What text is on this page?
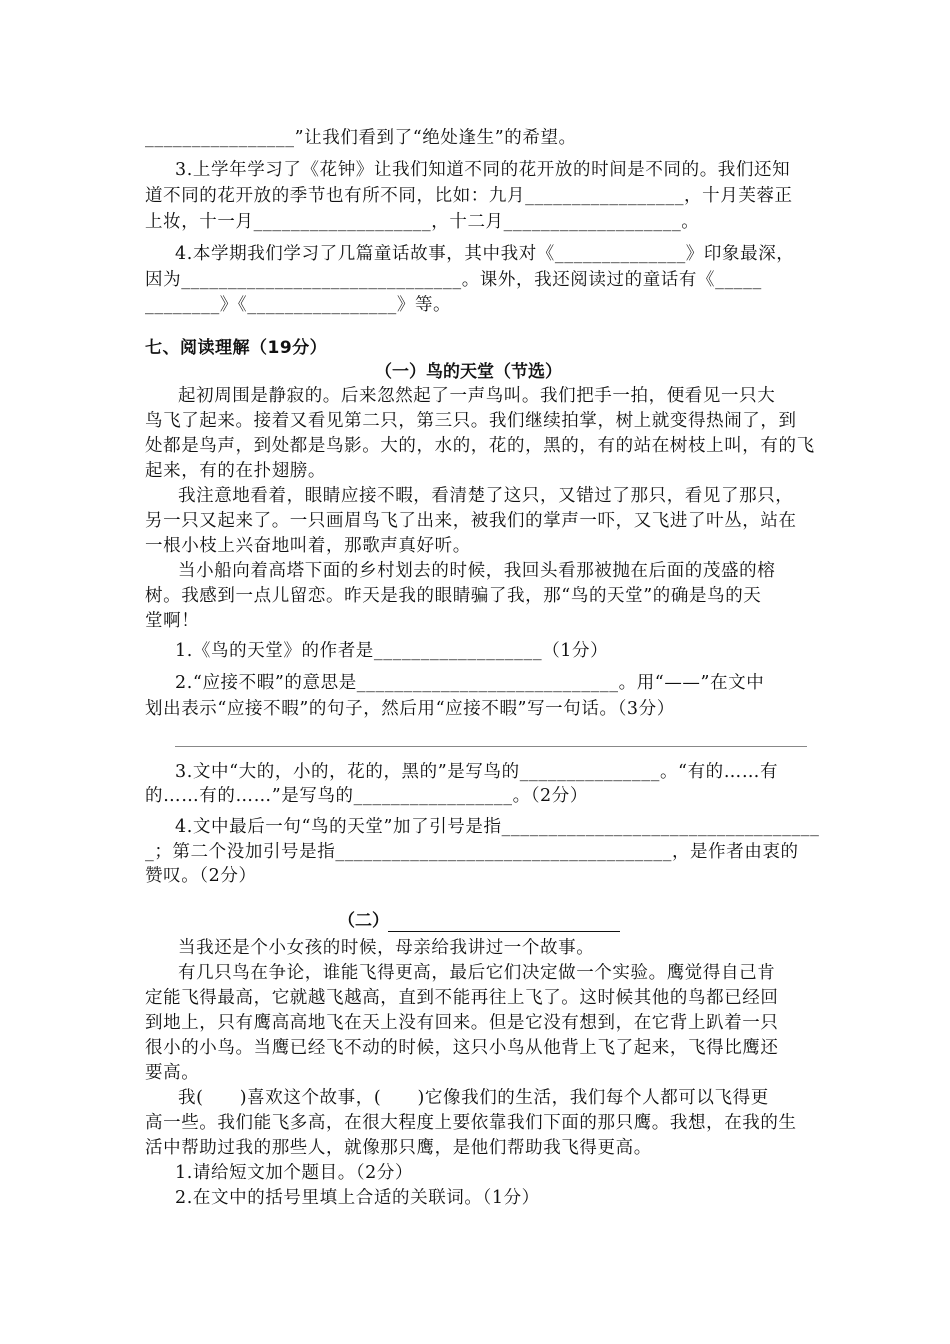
________________”让我们看到了“绝处逢生”的希望。
3.上学年学习了《花钟》让我们知道不同的花开放的时间是不同的。我们还知
道不同的花开放的季节也有所不同，比如：九月_________________，十月芙蓉正
上妆，十一月___________________，十二月___________________。
4.本学期我们学习了几篇童话故事，其中我对《______________》印象最深，
因为______________________________。课外，我还阅读过的童话有《_____
________》《________________》等。
七、阅读理解（19分）
（一）鸟的天堂（节选）
起初周围是静寂的。后来忽然起了一声鸟叫。我们把手一拍，便看见一只大
鸟飞了起来。接着又看见第二只，第三只。我们继续拍掌，树上就变得热闹了，到
处都是鸟声，到处都是鸟影。大的，水的，花的，黑的，有的站在树枝上叫，有的飞
起来，有的在扑翅膀。
我注意地看着，眼睛应接不暇，看清楚了这只，又错过了那只，看见了那只，
另一只又起来了。一只画眉鸟飞了出来，被我们的掌声一吓，又飞进了叶丛，站在
一根小枝上兴奋地叫着，那歌声真好听。
当小船向着高塔下面的乡村划去的时候，我回头看那被抛在后面的茂盛的榕
树。我感到一点儿留恋。昨天是我的眼睛骗了我，那“鸟的天堂”的确是鸟的天
堂啊！
1.《鸟的天堂》的作者是__________________（1分）
2.“应接不暇”的意思是____________________________。用“——”在文中
划出表示“应接不暇”的句子，然后用“应接不暇”写一句话。（3分）
3.文中“大的，小的，花的，黑的”是写鸟的_______________。“有的……有
的……有的……”是写鸟的_________________。（2分）
4.文中最后一句“鸟的天堂”加了引号是指__________________________________
_；第二个没加引号是指____________________________________，是作者由衷的
赞叹。（2分）
（二）
当我还是个小女孩的时候，母亲给我讲过一个故事。
有几只鸟在争论，谁能飞得更高，最后它们决定做一个实验。鹰觉得自己肯
定能飞得最高，它就越飞越高，直到不能再往上飞了。这时候其他的鸟都已经回
到地上，只有鹰高高地飞在天上没有回来。但是它没有想到，在它背上趴着一只
很小的小鸟。当鹰已经飞不动的时候，这只小鸟从他背上飞了起来，飞得比鹰还
要高。
我(　　)喜欢这个故事，(　　)它像我们的生活，我们每个人都可以飞得更
高一些。我们能飞多高，在很大程度上要依靠我们下面的那只鹰。我想，在我的生
活中帮助过我的那些人，就像那只鹰，是他们帮助我飞得更高。
1.请给短文加个题目。（2分）
2.在文中的括号里填上合适的关联词。（1分）
